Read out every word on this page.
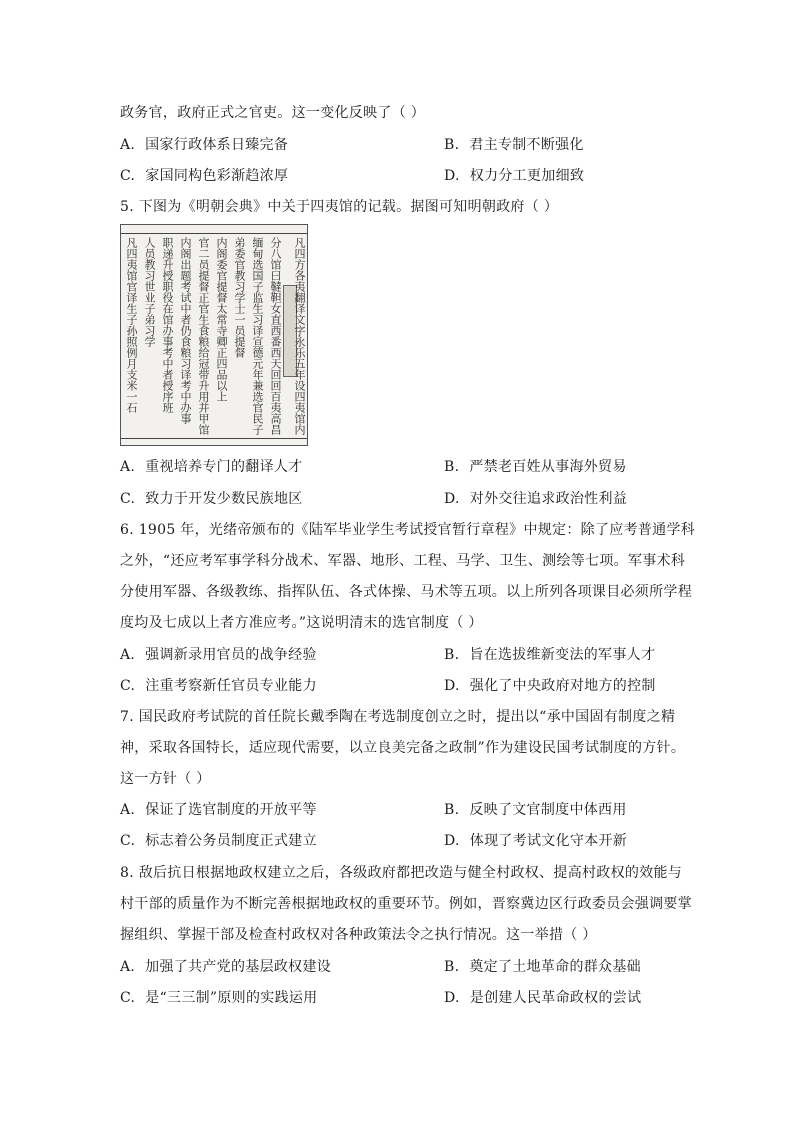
政务官，政府正式之官吏。这一变化反映了（ ）
A. 国家行政体系日臻完备	B. 君主专制不断强化
C. 家国同构色彩渐趋浓厚	D. 权力分工更加细致
5. 下图为《明朝会典》中关于四夷馆的记载。据图可知明朝政府（ ）
凡四方各夷翻译文字永乐五年设四夷馆内
分八馆曰韃靼女直西番西天回回百夷高昌
缅甸选国子监生习译宣德元年兼选官民子
弟委官教习学士一员提督
内阁委官提督太常寺卿正四品以上
官二员提督正官生食粮给冠带升用并甲馆
内阁出题考试中者仍食粮习译考中办事
职递升授职役在馆办事考中者授序班
人员教习世业子弟习学
凡四夷馆官译生子孙照例月支米一石
A. 重视培养专门的翻译人才	B. 严禁老百姓从事海外贸易
C. 致力于开发少数民族地区	D. 对外交往追求政治性利益
6. 1905 年，光绪帝颁布的《陆军毕业学生考试授官暂行章程》中规定：除了应考普通学科
之外，“还应考军事学科分战术、军器、地形、工程、马学、卫生、测绘等七项。军事术科
分使用军器、各级教练、指挥队伍、各式体操、马术等五项。以上所列各项课目必须所学程
度均及七成以上者方准应考。”这说明清末的选官制度（ ）
A. 强调新录用官员的战争经验	B. 旨在选拔维新变法的军事人才
C. 注重考察新任官员专业能力	D. 强化了中央政府对地方的控制
7. 国民政府考试院的首任院长戴季陶在考选制度创立之时，提出以“承中国固有制度之精
神，采取各国特长，适应现代需要，以立良美完备之政制”作为建设民国考试制度的方针。
这一方针（ ）
A. 保证了选官制度的开放平等	B. 反映了文官制度中体西用
C. 标志着公务员制度正式建立	D. 体现了考试文化守本开新
8. 敌后抗日根据地政权建立之后，各级政府都把改造与健全村政权、提高村政权的效能与
村干部的质量作为不断完善根据地政权的重要环节。例如，晋察冀边区行政委员会强调要掌
握组织、掌握干部及检查村政权对各种政策法令之执行情况。这一举措（ ）
A. 加强了共产党的基层政权建设	B. 奠定了土地革命的群众基础
C. 是“三三制”原则的实践运用	D. 是创建人民革命政权的尝试
